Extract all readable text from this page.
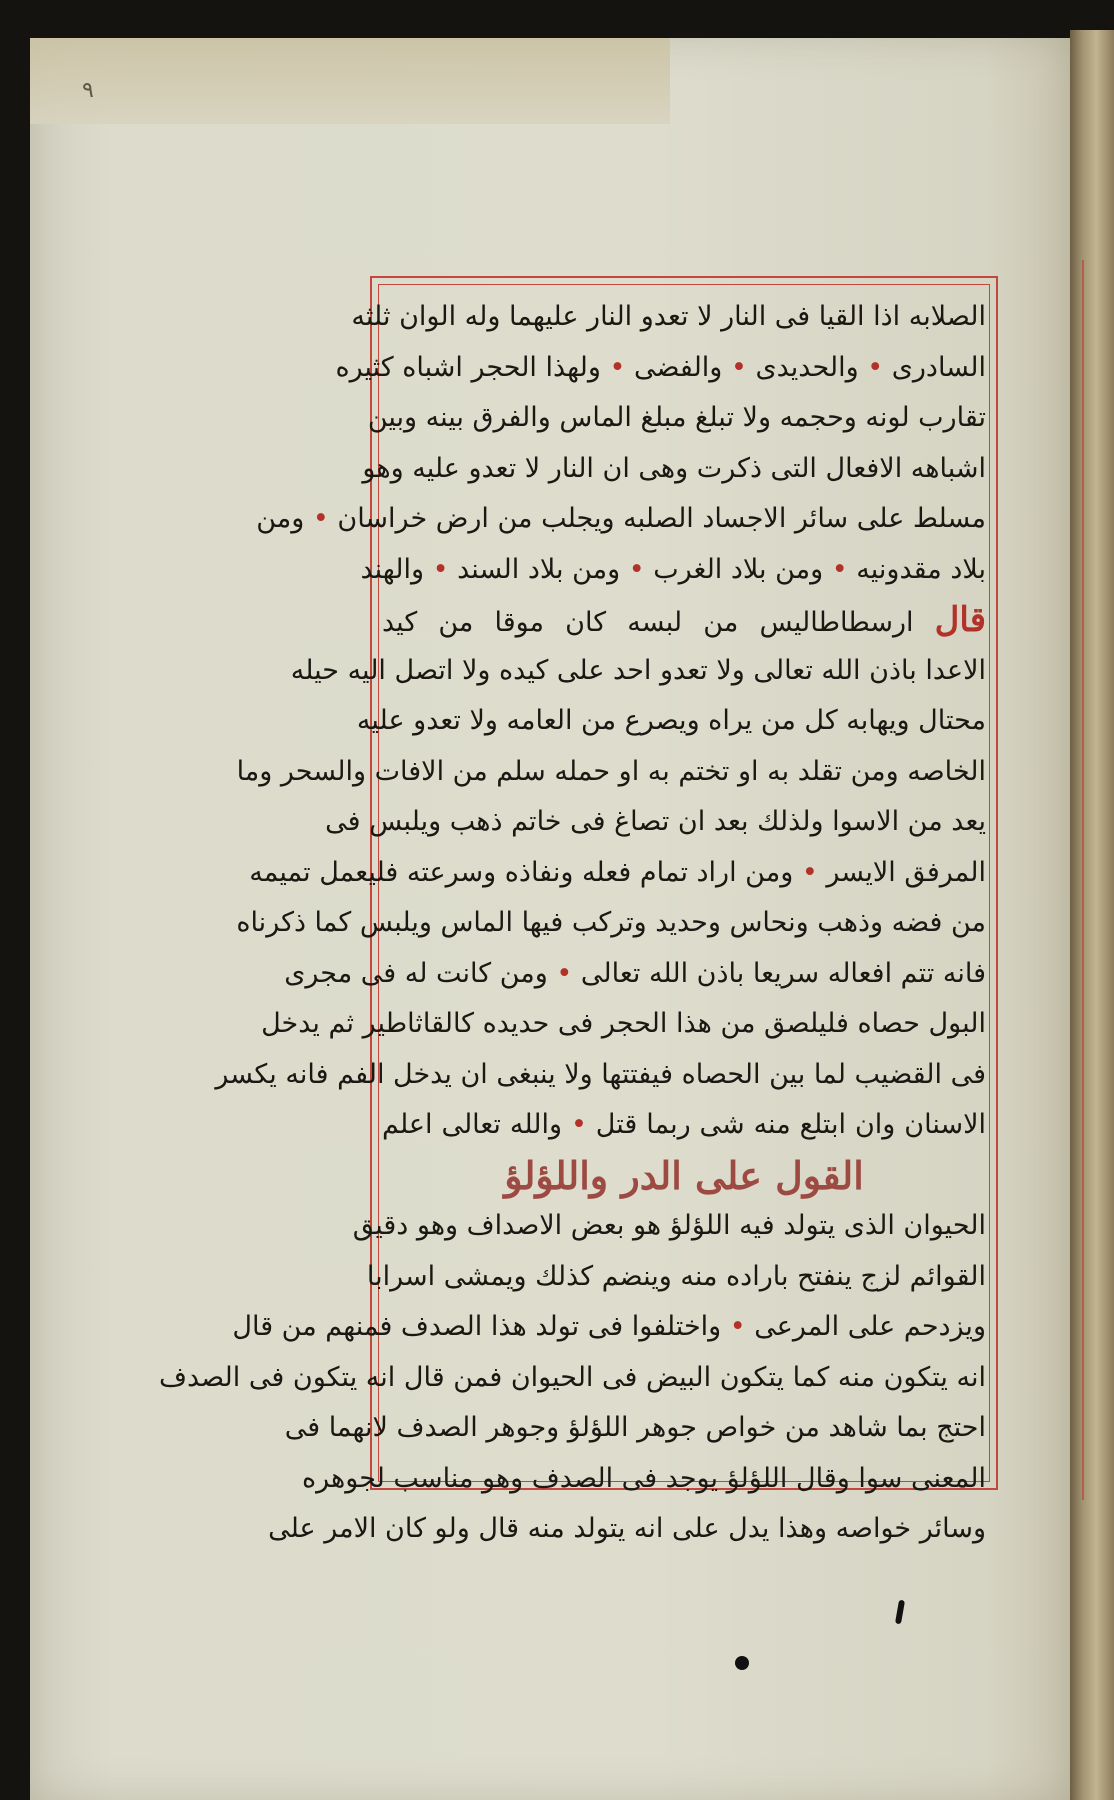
٩
الصلابه اذا القيا فى النار لا تعدو النار عليهما وله الوان ثلثه
السادرى • والحديدى • والفضى • ولهذا الحجر اشباه كثيره
تقارب لونه وحجمه ولا تبلغ مبلغ الماس والفرق بينه وبين
اشباهه الافعال التى ذكرت وهى ان النار لا تعدو عليه وهو
مسلط على سائر الاجساد الصلبه ويجلب من ارض خراسان • ومن
بلاد مقدونيه • ومن بلاد الغرب • ومن بلاد السند • والهند
قال ارسطاطاليس من لبسه كان موقا من كيد
الاعدا باذن الله تعالى ولا تعدو احد على كيده ولا اتصل اليه حيله
محتال ويهابه كل من يراه ويصرع من العامه ولا تعدو عليه
الخاصه ومن تقلد به او تختم به او حمله سلم من الافات والسحر وما
يعد من الاسوا ولذلك بعد ان تصاغ فى خاتم ذهب ويلبس فى
المرفق الايسر • ومن اراد تمام فعله ونفاذه وسرعته فليعمل تميمه
من فضه وذهب ونحاس وحديد وتركب فيها الماس ويلبس كما ذكرناه
فانه تتم افعاله سريعا باذن الله تعالى • ومن كانت له فى مجرى
البول حصاه فليلصق من هذا الحجر فى حديده كالقاثاطير ثم يدخل
فى القضيب لما بين الحصاه فيفتتها ولا ينبغى ان يدخل الفم فانه يكسر
الاسنان وان ابتلع منه شى ربما قتل • والله تعالى اعلم
القول على الدر واللؤلؤ
الحيوان الذى يتولد فيه اللؤلؤ هو بعض الاصداف وهو دقيق
القوائم لزج ينفتح باراده منه وينضم كذلك ويمشى اسرابا
ويزدحم على المرعى • واختلفوا فى تولد هذا الصدف فمنهم من قال
انه يتكون منه كما يتكون البيض فى الحيوان فمن قال انه يتكون فى الصدف
احتج بما شاهد من خواص جوهر اللؤلؤ وجوهر الصدف لانهما فى
المعنى سوا وقال اللؤلؤ يوجد فى الصدف وهو مناسب لجوهره
وسائر خواصه وهذا يدل على انه يتولد منه قال ولو كان الامر على
